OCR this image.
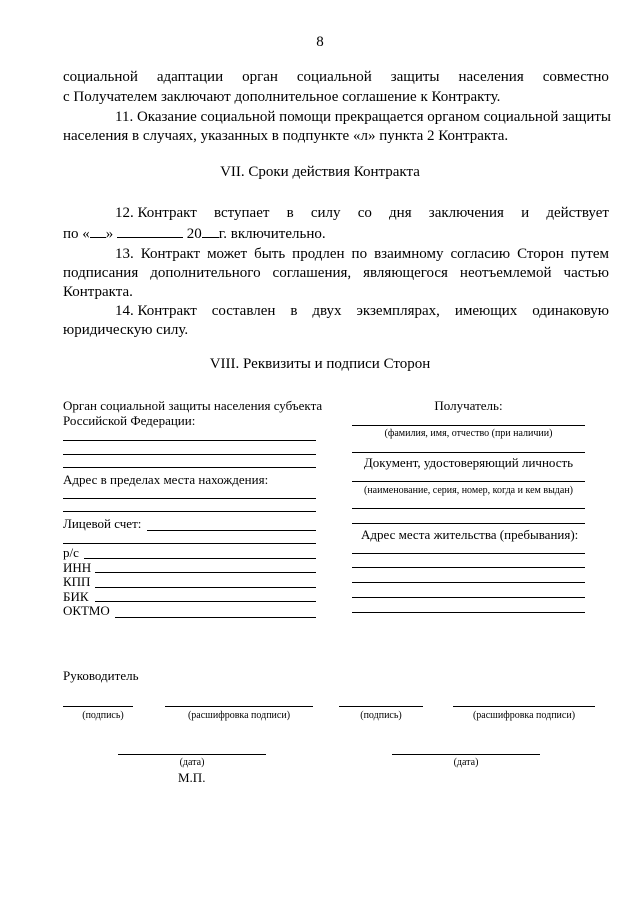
8
социальной адаптации орган социальной защиты населения совместно
с Получателем заключают дополнительное соглашение к Контракту.
11. Оказание социальной помощи прекращается органом социальной защиты
населения в случаях, указанных в подпункте «л» пункта 2 Контракта.
VII. Сроки действия Контракта
12. Контракт вступает в силу со дня заключения и действует
по « »	20 г. включительно.
13. Контракт может быть продлен по взаимному согласию Сторон путем
подписания дополнительного соглашения, являющегося неотъемлемой частью
Контракта.
14. Контракт составлен в двух экземплярах, имеющих одинаковую
юридическую силу.
VIII. Реквизиты и подписи Сторон
Орган социальной защиты населения субъекта
Российской Федерации:
Адрес в пределах места нахождения:
Лицевой счет:
р/с
ИНН
КПП
БИК
ОКТМО
Получатель:
(фамилия, имя, отчество (при наличии)
Документ, удостоверяющий личность
(наименование, серия, номер, когда и кем выдан)
Адрес места жительства (пребывания):
Руководитель
(подпись)	(расшифровка подписи)	(подпись)	(расшифровка подписи)
(дата)	(дата)
М.П.
